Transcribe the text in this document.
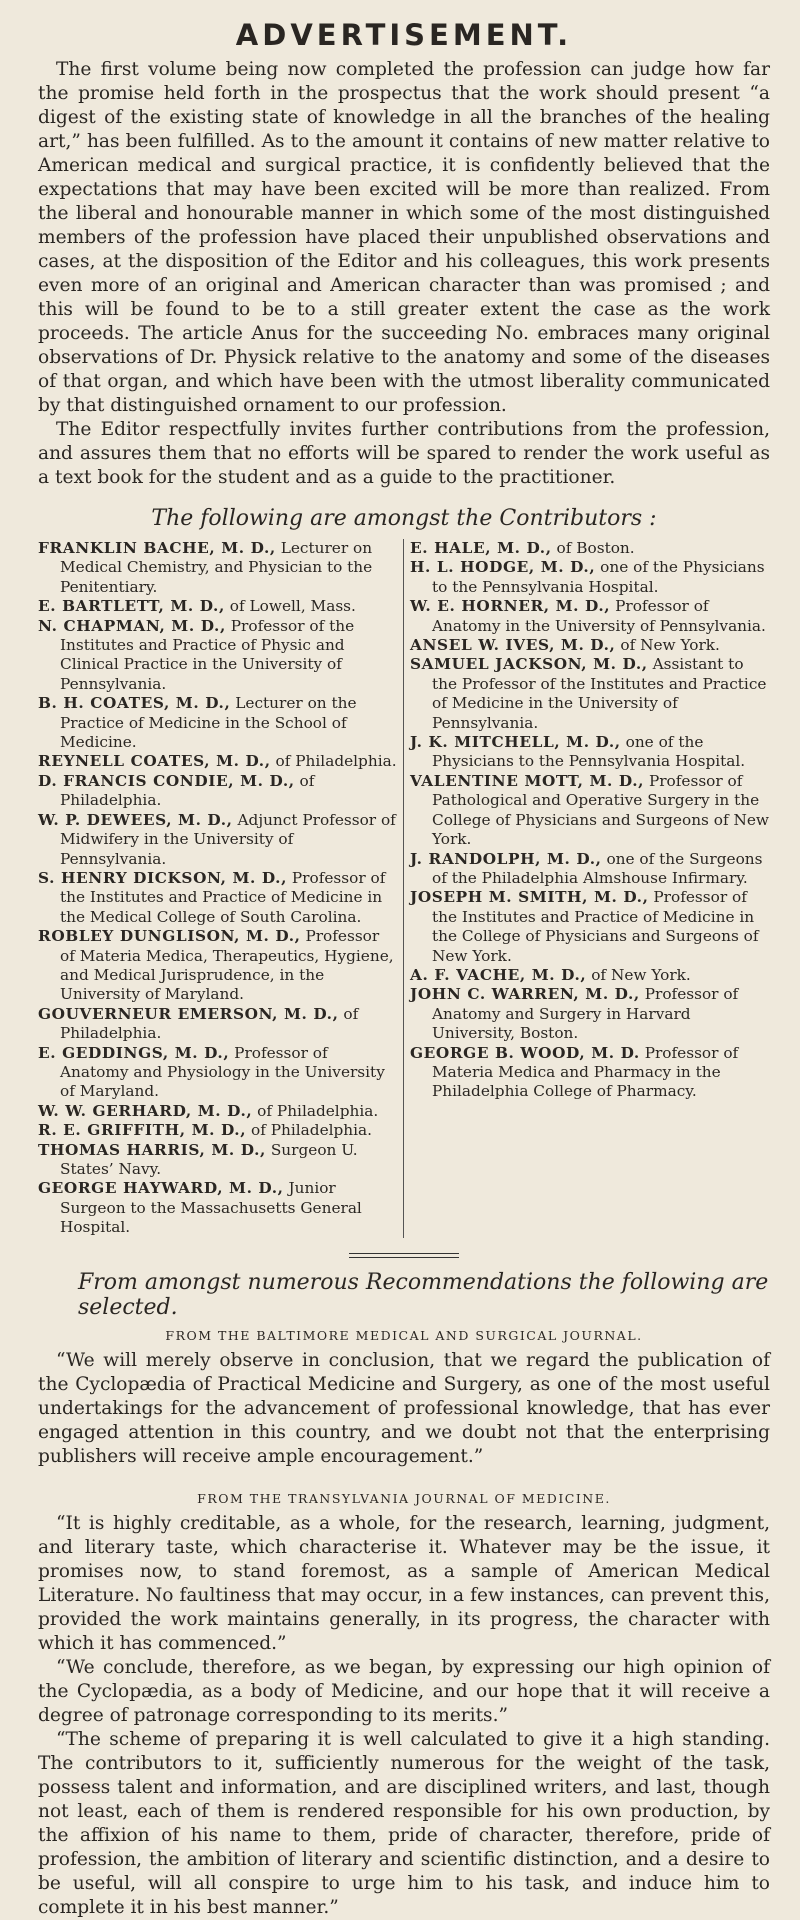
ADVERTISEMENT.

The first volume being now completed the profession can judge how far the promise held forth in the prospectus that the work should present “a digest of the existing state of knowledge in all the branches of the healing art,” has been fulfilled. As to the amount it contains of new matter relative to American medical and surgical practice, it is confidently believed that the expectations that may have been excited will be more than realized. From the liberal and honourable manner in which some of the most distinguished members of the profession have placed their unpublished observations and cases, at the disposition of the Editor and his colleagues, this work presents even more of an original and American character than was promised ; and this will be found to be to a still greater extent the case as the work proceeds. The article Anus for the succeeding No. embraces many original observations of Dr. Physick relative to the anatomy and some of the diseases of that organ, and which have been with the utmost liberality communicated by that distinguished ornament to our profession.

The Editor respectfully invites further contributions from the profession, and assures them that no efforts will be spared to render the work useful as a text book for the student and as a guide to the practitioner.

The following are amongst the Contributors :

FRANKLIN BACHE, M. D., Lecturer on Medical Chemistry, and Physician to the Penitentiary.

E. BARTLETT, M. D., of Lowell, Mass.

N. CHAPMAN, M. D., Professor of the Institutes and Practice of Physic and Clinical Practice in the University of Pennsylvania.

B. H. COATES, M. D., Lecturer on the Practice of Medicine in the School of Medicine.

REYNELL COATES, M. D., of Philadelphia.

D. FRANCIS CONDIE, M. D., of Philadelphia.

W. P. DEWEES, M. D., Adjunct Professor of Midwifery in the University of Pennsylvania.

S. HENRY DICKSON, M. D., Professor of the Institutes and Practice of Medicine in the Medical College of South Carolina.

ROBLEY DUNGLISON, M. D., Professor of Materia Medica, Therapeutics, Hygiene, and Medical Jurisprudence, in the University of Maryland.

GOUVERNEUR EMERSON, M. D., of Philadelphia.

E. GEDDINGS, M. D., Professor of Anatomy and Physiology in the University of Maryland.

W. W. GERHARD, M. D., of Philadelphia.

R. E. GRIFFITH, M. D., of Philadelphia.

THOMAS HARRIS, M. D., Surgeon U. States’ Navy.

GEORGE HAYWARD, M. D., Junior Surgeon to the Massachusetts General Hospital.

E. HALE, M. D., of Boston.

H. L. HODGE, M. D., one of the Physicians to the Pennsylvania Hospital.

W. E. HORNER, M. D., Professor of Anatomy in the University of Pennsylvania.

ANSEL W. IVES, M. D., of New York.

SAMUEL JACKSON, M. D., Assistant to the Professor of the Institutes and Practice of Medicine in the University of Pennsylvania.

J. K. MITCHELL, M. D., one of the Physicians to the Pennsylvania Hospital.

VALENTINE MOTT, M. D., Professor of Pathological and Operative Surgery in the College of Physicians and Surgeons of New York.

J. RANDOLPH, M. D., one of the Surgeons of the Philadelphia Almshouse Infirmary.

JOSEPH M. SMITH, M. D., Professor of the Institutes and Practice of Medicine in the College of Physicians and Surgeons of New York.

A. F. VACHE, M. D., of New York.

JOHN C. WARREN, M. D., Professor of Anatomy and Surgery in Harvard University, Boston.

GEORGE B. WOOD, M. D. Professor of Materia Medica and Pharmacy in the Philadelphia College of Pharmacy.

From amongst numerous Recommendations the following are selected.
FROM THE BALTIMORE MEDICAL AND SURGICAL JOURNAL.

“We will merely observe in conclusion, that we regard the publication of the Cyclopædia of Practical Medicine and Surgery, as one of the most useful undertakings for the advancement of professional knowledge, that has ever engaged attention in this country, and we doubt not that the enterprising publishers will receive ample encouragement.”

FROM THE TRANSYLVANIA JOURNAL OF MEDICINE.

“It is highly creditable, as a whole, for the research, learning, judgment, and literary taste, which characterise it. Whatever may be the issue, it promises now, to stand foremost, as a sample of American Medical Literature. No faultiness that may occur, in a few instances, can prevent this, provided the work maintains generally, in its progress, the character with which it has commenced.”

“We conclude, therefore, as we began, by expressing our high opinion of the Cyclopædia, as a body of Medicine, and our hope that it will receive a degree of patronage corresponding to its merits.”

“The scheme of preparing it is well calculated to give it a high standing. The contributors to it, sufficiently numerous for the weight of the task, possess talent and information, and are disciplined writers, and last, though not least, each of them is rendered responsible for his own production, by the affixion of his name to them, pride of character, therefore, pride of profession, the ambition of literary and scientific distinction, and a desire to be useful, will all conspire to urge him to his task, and induce him to complete it in his best manner.”
